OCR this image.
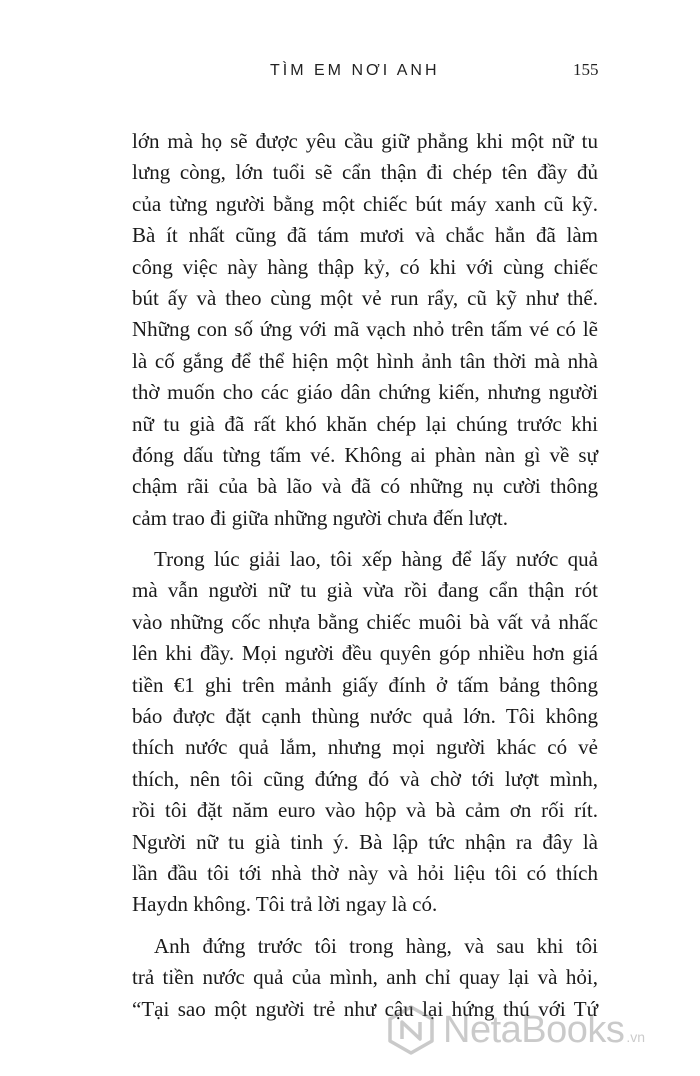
TÌM EM NƠI ANH	155
lớn mà họ sẽ được yêu cầu giữ phẳng khi một nữ tu
lưng còng, lớn tuổi sẽ cẩn thận đi chép tên đầy đủ
của từng người bằng một chiếc bút máy xanh cũ kỹ.
Bà ít nhất cũng đã tám mươi và chắc hẳn đã làm
công việc này hàng thập kỷ, có khi với cùng chiếc
bút ấy và theo cùng một vẻ run rẩy, cũ kỹ như thế.
Những con số ứng với mã vạch nhỏ trên tấm vé có lẽ
là cố gắng để thể hiện một hình ảnh tân thời mà nhà
thờ muốn cho các giáo dân chứng kiến, nhưng người
nữ tu già đã rất khó khăn chép lại chúng trước khi
đóng dấu từng tấm vé. Không ai phàn nàn gì về sự
chậm rãi của bà lão và đã có những nụ cười thông
cảm trao đi giữa những người chưa đến lượt.
Trong lúc giải lao, tôi xếp hàng để lấy nước quả
mà vẫn người nữ tu già vừa rồi đang cẩn thận rót
vào những cốc nhựa bằng chiếc muôi bà vất vả nhấc
lên khi đầy. Mọi người đều quyên góp nhiều hơn giá
tiền €1 ghi trên mảnh giấy đính ở tấm bảng thông
báo được đặt cạnh thùng nước quả lớn. Tôi không
thích nước quả lắm, nhưng mọi người khác có vẻ
thích, nên tôi cũng đứng đó và chờ tới lượt mình,
rồi tôi đặt năm euro vào hộp và bà cảm ơn rối rít.
Người nữ tu già tinh ý. Bà lập tức nhận ra đây là
lần đầu tôi tới nhà thờ này và hỏi liệu tôi có thích
Haydn không. Tôi trả lời ngay là có.
Anh đứng trước tôi trong hàng, và sau khi tôi
trả tiền nước quả của mình, anh chỉ quay lại và hỏi,
“Tại sao một người trẻ như cậu lại hứng thú với Tứ
NetaBooks .vn
